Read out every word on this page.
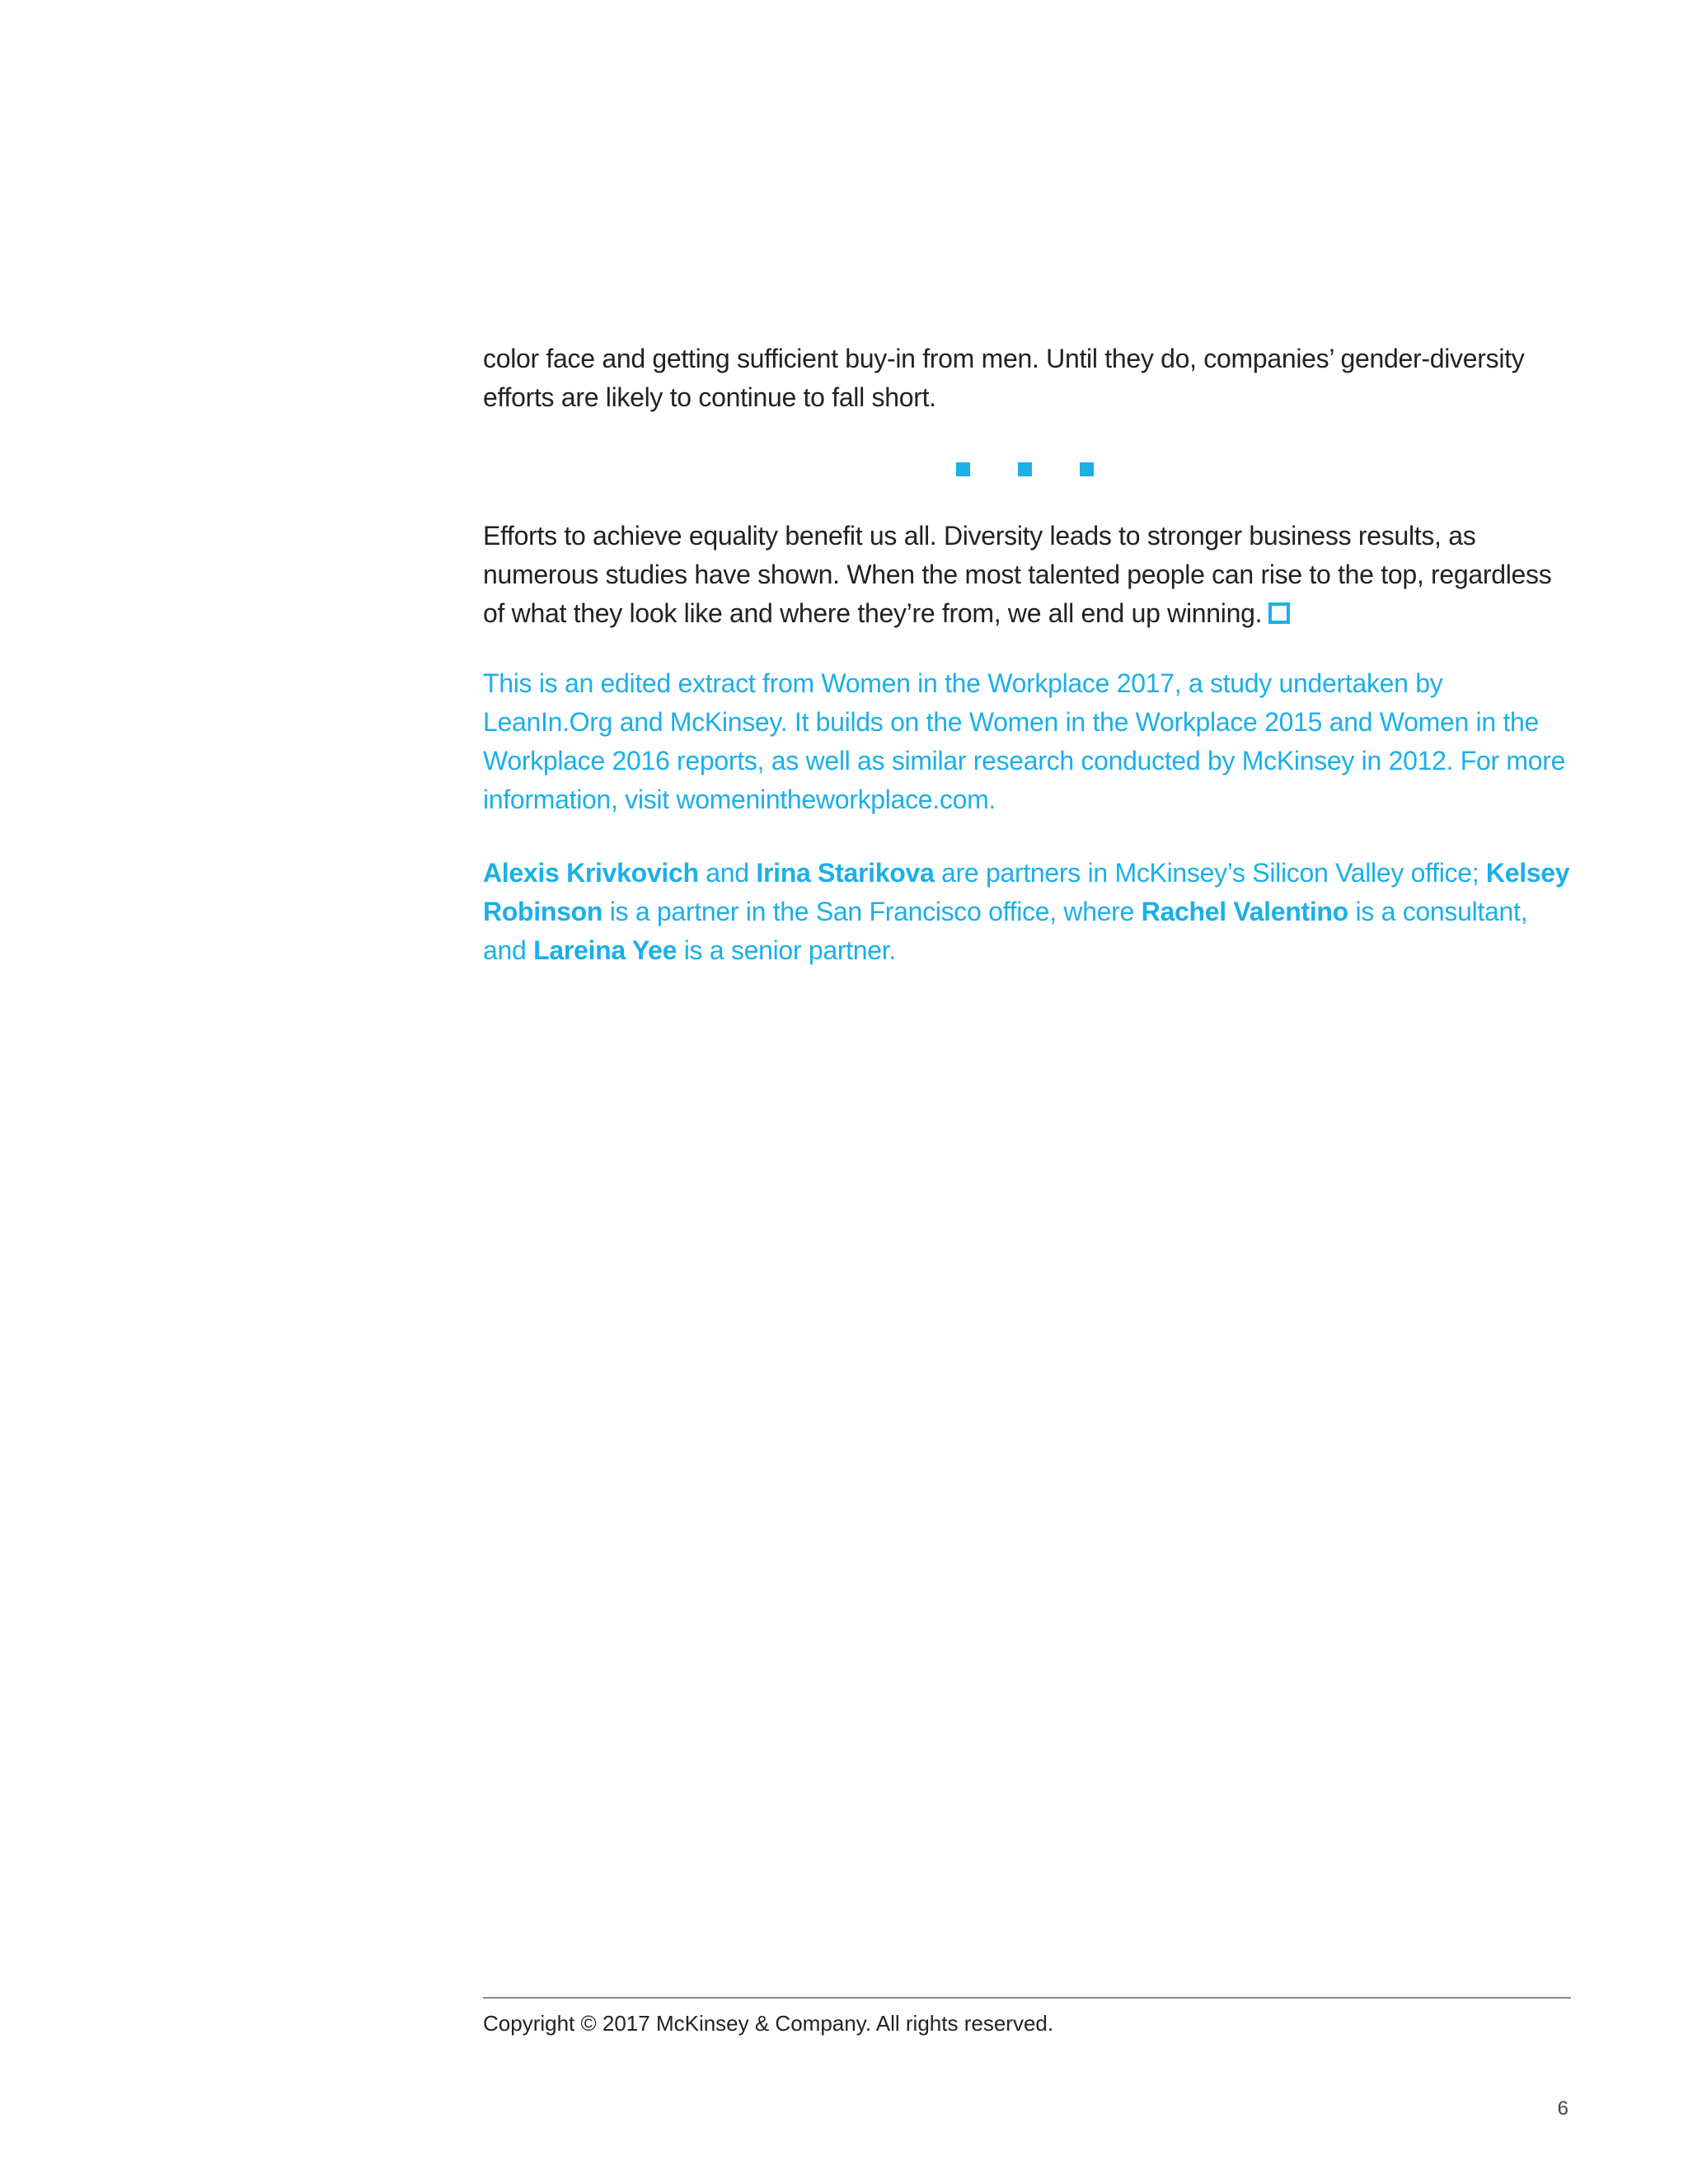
color face and getting sufficient buy-in from men. Until they do, companies’ gender-diversity efforts are likely to continue to fall short.

Efforts to achieve equality benefit us all. Diversity leads to stronger business results, as numerous studies have shown. When the most talented people can rise to the top, regardless of what they look like and where they’re from, we all end up winning.

This is an edited extract from Women in the Workplace 2017, a study undertaken by LeanIn.Org and McKinsey. It builds on the Women in the Workplace 2015 and Women in the Workplace 2016 reports, as well as similar research conducted by McKinsey in 2012. For more information, visit womenintheworkplace.com.

Alexis Krivkovich and Irina Starikova are partners in McKinsey’s Silicon Valley office; Kelsey Robinson is a partner in the San Francisco office, where Rachel Valentino is a consultant, and Lareina Yee is a senior partner.

Copyright © 2017 McKinsey & Company. All rights reserved.

6
